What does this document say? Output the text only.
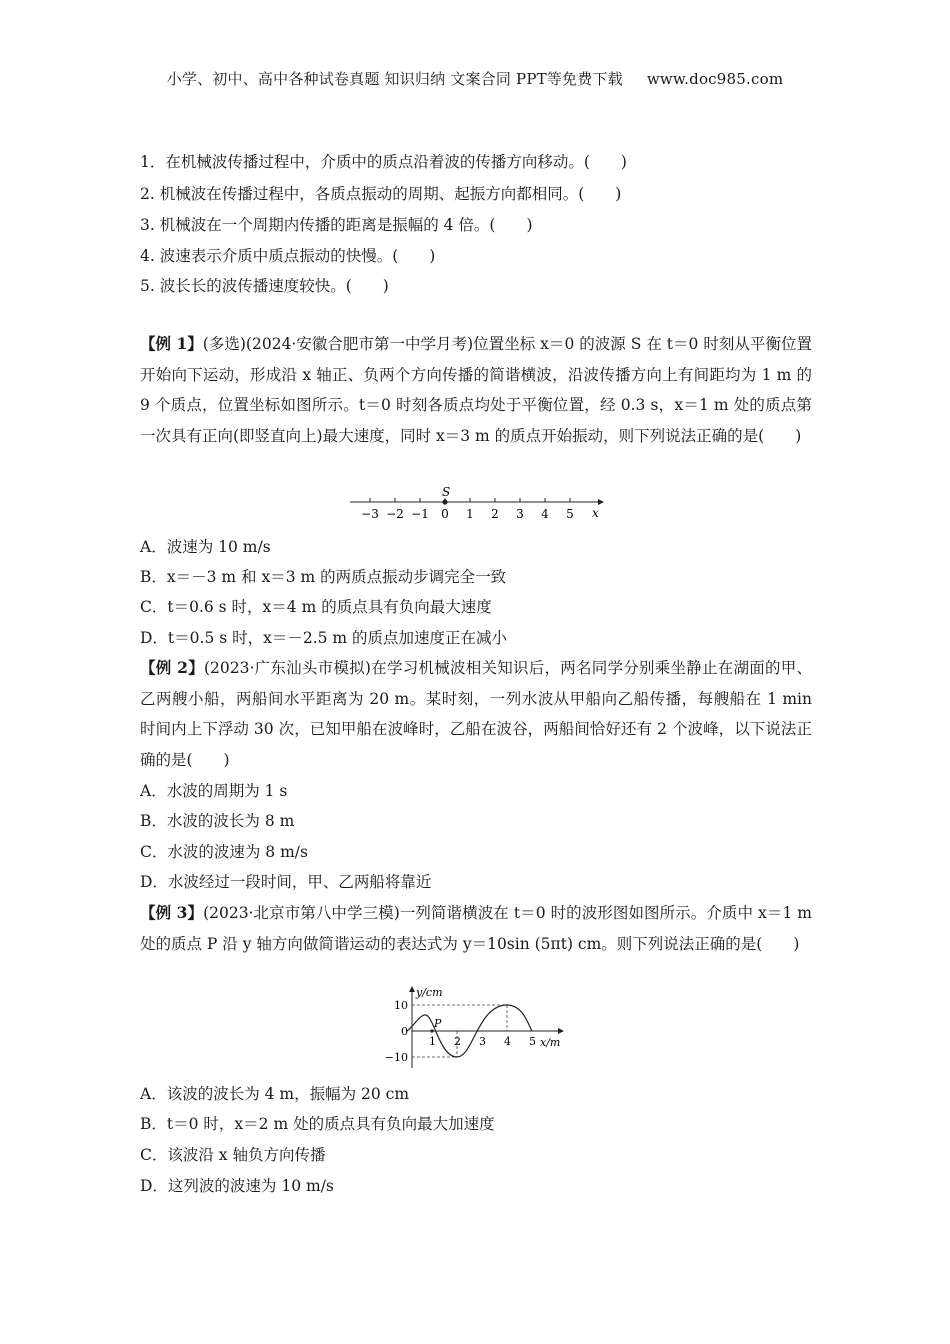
小学、初中、高中各种试卷真题 知识归纳 文案合同 PPT等免费下载 www.doc985.com
1．在机械波传播过程中，介质中的质点沿着波的传播方向移动。(　　)
2. 机械波在传播过程中，各质点振动的周期、起振方向都相同。(　　)
3. 机械波在一个周期内传播的距离是振幅的 4 倍。(　　)
4. 波速表示介质中质点振动的快慢。(　　)
5. 波长长的波传播速度较快。(　　)
【例 1】(多选)(2024·安徽合肥市第一中学月考)位置坐标 x＝0 的波源 S 在 t＝0 时刻从平衡位置开始向下运动，形成沿 x 轴正、负两个方向传播的简谐横波，沿波传播方向上有间距均为 1 m 的 9 个质点，位置坐标如图所示。t＝0 时刻各质点均处于平衡位置，经 0.3 s，x＝1 m 处的质点第一次具有正向(即竖直向上)最大速度，同时 x＝3 m 的质点开始振动，则下列说法正确的是(　　)
−3 −2 −1 0 1 2 3 4 5
S
x
A．波速为 10 m/s
B．x＝－3 m 和 x＝3 m 的两质点振动步调完全一致
C．t＝0.6 s 时，x＝4 m 的质点具有负向最大速度
D．t＝0.5 s 时，x＝－2.5 m 的质点加速度正在减小
【例 2】(2023·广东汕头市模拟)在学习机械波相关知识后，两名同学分别乘坐静止在湖面的甲、乙两艘小船，两船间水平距离为 20 m。某时刻，一列水波从甲船向乙船传播，每艘船在 1 min 时间内上下浮动 30 次，已知甲船在波峰时，乙船在波谷，两船间恰好还有 2 个波峰，以下说法正确的是(　　)
A．水波的周期为 1 s
B．水波的波长为 8 m
C．水波的波速为 8 m/s
D．水波经过一段时间，甲、乙两船将靠近
【例 3】(2023·北京市第八中学三模)一列简谐横波在 t＝0 时的波形图如图所示。介质中 x＝1 m 处的质点 P 沿 y 轴方向做简谐运动的表达式为 y＝10sin (5πt) cm。则下列说法正确的是(　　)
P
y/cm
x/m
10
0
−10
1 2 3 4 5
A．该波的波长为 4 m，振幅为 20 cm
B．t＝0 时，x＝2 m 处的质点具有负向最大加速度
C．该波沿 x 轴负方向传播
D．这列波的波速为 10 m/s
